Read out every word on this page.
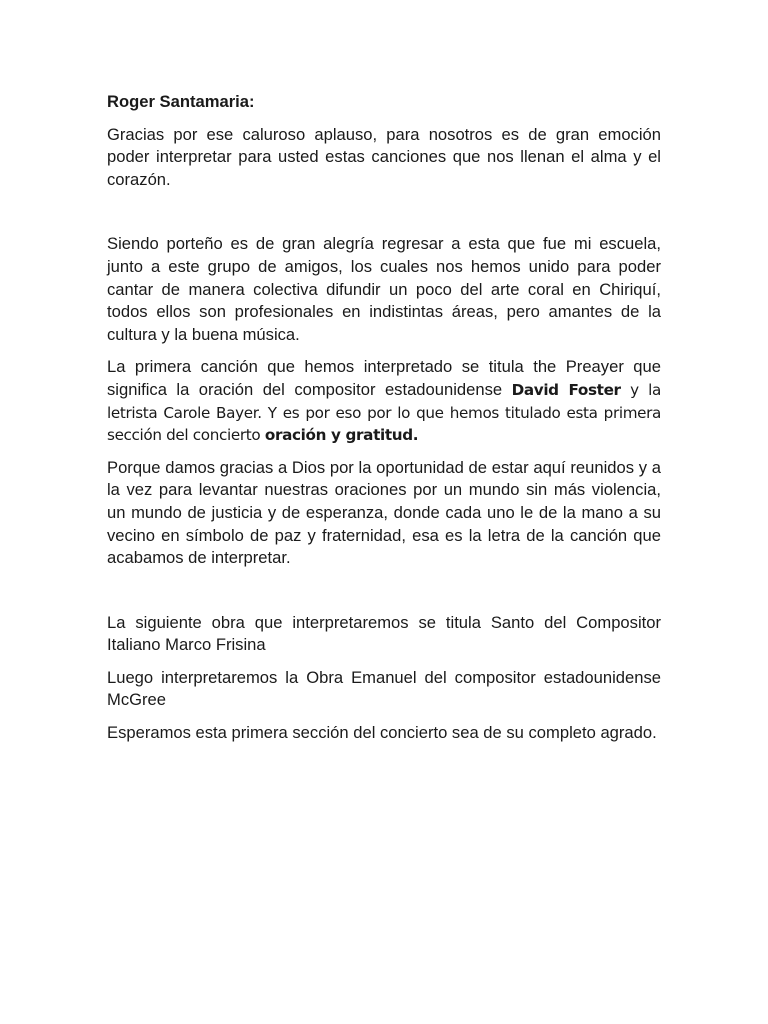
Roger Santamaria:

Gracias por ese caluroso aplauso, para nosotros es de gran emoción poder interpretar para usted estas canciones que nos llenan el alma y el corazón.

Siendo porteño es de gran alegría regresar a esta que fue mi escuela, junto a este grupo de amigos, los cuales nos hemos unido para poder cantar de manera colectiva difundir un poco del arte coral en Chiriquí, todos ellos son profesionales en indistintas áreas, pero amantes de la cultura y la buena música.

La primera canción que hemos interpretado se titula the Preayer que significa la oración del compositor estadounidense David Foster y la letrista Carole Bayer. Y es por eso por lo que hemos titulado esta primera sección del concierto oración y gratitud.

Porque damos gracias a Dios por la oportunidad de estar aquí reunidos y a la vez para levantar nuestras oraciones por un mundo sin más violencia, un mundo de justicia y de esperanza, donde cada uno le de la mano a su vecino en símbolo de paz y fraternidad, esa es la letra de la canción que acabamos de interpretar.

La siguiente obra que interpretaremos se titula Santo del Compositor Italiano Marco Frisina

Luego interpretaremos la Obra Emanuel del compositor estadounidense McGree

Esperamos esta primera sección del concierto sea de su completo agrado.
